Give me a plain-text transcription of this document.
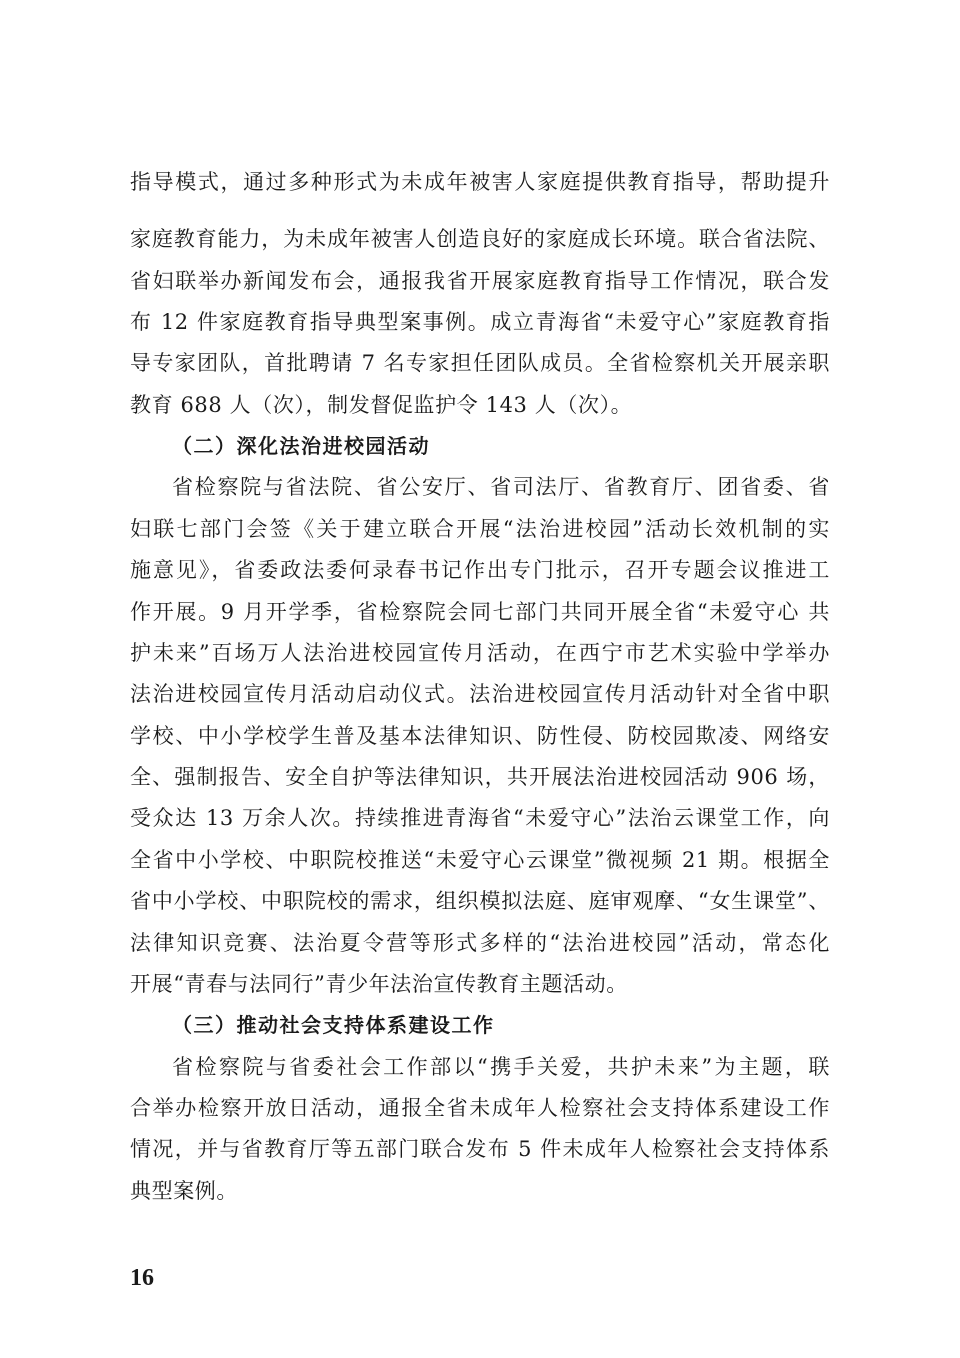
指导模式，通过多种形式为未成年被害人家庭提供教育指导，帮助提升
家庭教育能力，为未成年被害人创造良好的家庭成长环境。联合省法院、
省妇联举办新闻发布会，通报我省开展家庭教育指导工作情况，联合发
布 12 件家庭教育指导典型案事例。成立青海省“未爱守心”家庭教育指
导专家团队，首批聘请 7 名专家担任团队成员。全省检察机关开展亲职
教育 688 人（次），制发督促监护令 143 人（次）。
（二）深化法治进校园活动
省检察院与省法院、省公安厅、省司法厅、省教育厅、团省委、省
妇联七部门会签《关于建立联合开展“法治进校园”活动长效机制的实
施意见》，省委政法委何录春书记作出专门批示，召开专题会议推进工
作开展。9 月开学季，省检察院会同七部门共同开展全省“未爱守心 共
护未来”百场万人法治进校园宣传月活动，在西宁市艺术实验中学举办
法治进校园宣传月活动启动仪式。法治进校园宣传月活动针对全省中职
学校、中小学校学生普及基本法律知识、防性侵、防校园欺凌、网络安
全、强制报告、安全自护等法律知识，共开展法治进校园活动 906 场，
受众达 13 万余人次。持续推进青海省“未爱守心”法治云课堂工作，向
全省中小学校、中职院校推送“未爱守心云课堂”微视频 21 期。根据全
省中小学校、中职院校的需求，组织模拟法庭、庭审观摩、“女生课堂”、
法律知识竞赛、法治夏令营等形式多样的“法治进校园”活动，常态化
开展“青春与法同行”青少年法治宣传教育主题活动。
（三）推动社会支持体系建设工作
省检察院与省委社会工作部以“携手关爱，共护未来”为主题，联
合举办检察开放日活动，通报全省未成年人检察社会支持体系建设工作
情况，并与省教育厅等五部门联合发布 5 件未成年人检察社会支持体系
典型案例。
16
